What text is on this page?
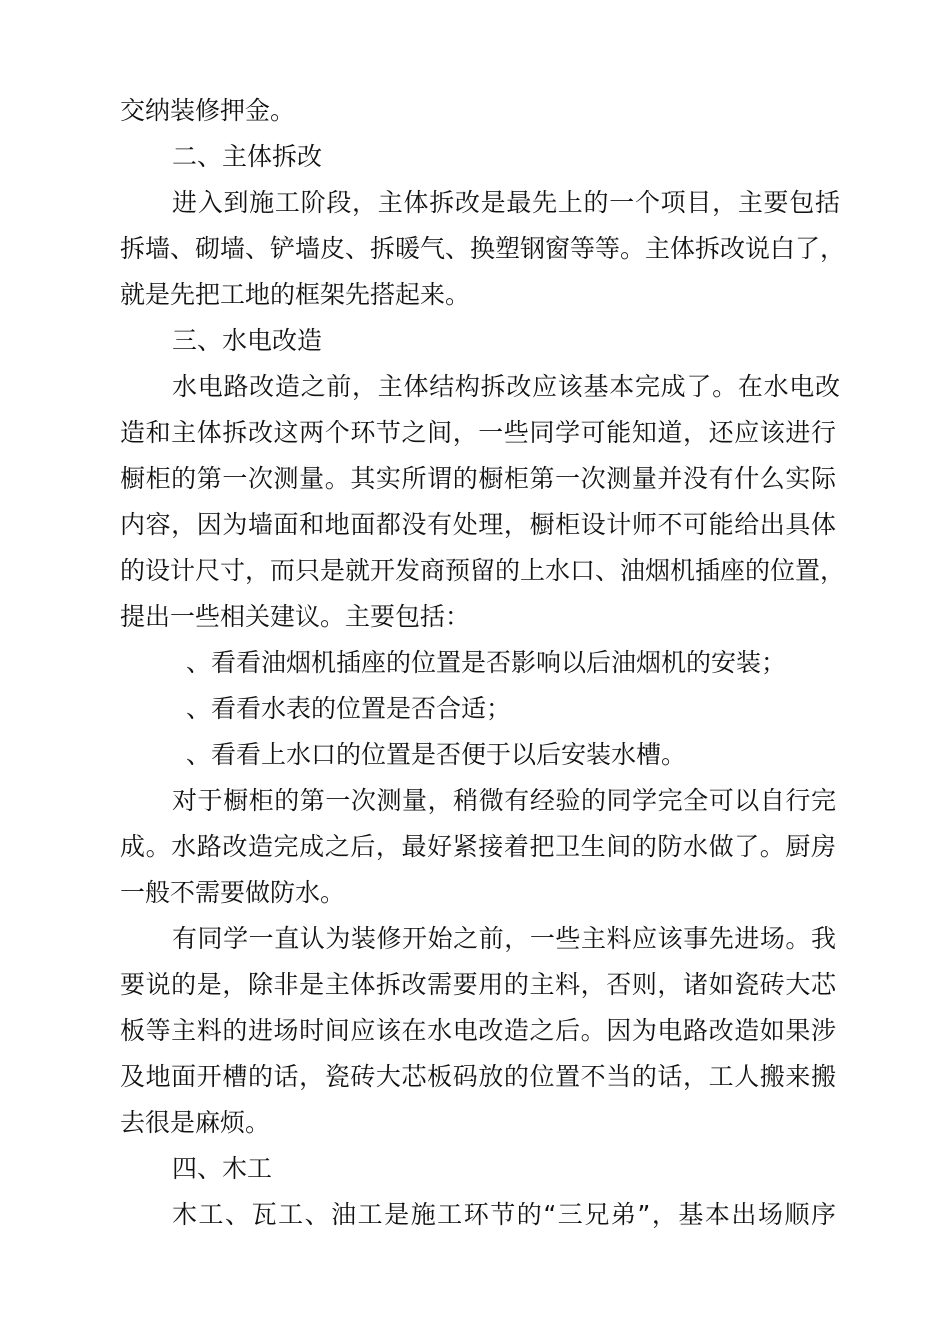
交纳装修押金。
二、主体拆改
进入到施工阶段，主体拆改是最先上的一个项目，主要包括
拆墙、砌墙、铲墙皮、拆暖气、换塑钢窗等等。主体拆改说白了，
就是先把工地的框架先搭起来。
三、水电改造
水电路改造之前，主体结构拆改应该基本完成了。在水电改
造和主体拆改这两个环节之间，一些同学可能知道，还应该进行
橱柜的第一次测量。其实所谓的橱柜第一次测量并没有什么实际
内容，因为墙面和地面都没有处理，橱柜设计师不可能给出具体
的设计尺寸，而只是就开发商预留的上水口、油烟机插座的位置，
提出一些相关建议。主要包括：
、看看油烟机插座的位置是否影响以后油烟机的安装；
、看看水表的位置是否合适；
、看看上水口的位置是否便于以后安装水槽。
对于橱柜的第一次测量，稍微有经验的同学完全可以自行完
成。水路改造完成之后，最好紧接着把卫生间的防水做了。厨房
一般不需要做防水。
有同学一直认为装修开始之前，一些主料应该事先进场。我
要说的是，除非是主体拆改需要用的主料，否则，诸如瓷砖大芯
板等主料的进场时间应该在水电改造之后。因为电路改造如果涉
及地面开槽的话，瓷砖大芯板码放的位置不当的话，工人搬来搬
去很是麻烦。
四、木工
木工、瓦工、油工是施工环节的“三兄弟”，基本出场顺序
